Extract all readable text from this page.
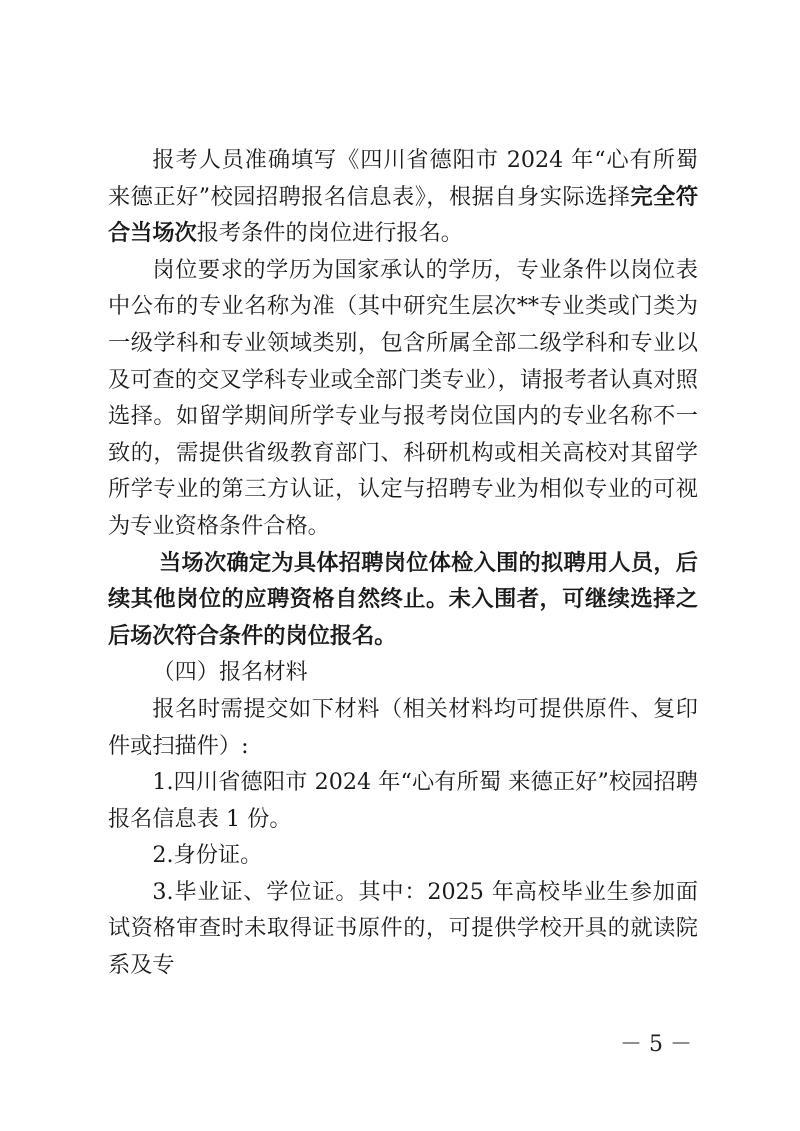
报考人员准确填写《四川省德阳市 2024 年“心有所蜀 来德正好”校园招聘报名信息表》，根据自身实际选择完全符合当场次报考条件的岗位进行报名。

岗位要求的学历为国家承认的学历，专业条件以岗位表中公布的专业名称为准（其中研究生层次**专业类或门类为一级学科和专业领域类别，包含所属全部二级学科和专业以及可查的交叉学科专业或全部门类专业），请报考者认真对照选择。如留学期间所学专业与报考岗位国内的专业名称不一致的，需提供省级教育部门、科研机构或相关高校对其留学所学专业的第三方认证，认定与招聘专业为相似专业的可视为专业资格条件合格。

当场次确定为具体招聘岗位体检入围的拟聘用人员，后续其他岗位的应聘资格自然终止。未入围者，可继续选择之后场次符合条件的岗位报名。

（四）报名材料

报名时需提交如下材料（相关材料均可提供原件、复印件或扫描件）:

1.四川省德阳市 2024 年“心有所蜀 来德正好”校园招聘报名信息表 1 份。

2.身份证。

3.毕业证、学位证。其中：2025 年高校毕业生参加面试资格审查时未取得证书原件的，可提供学校开具的就读院系及专

－ 5 －
